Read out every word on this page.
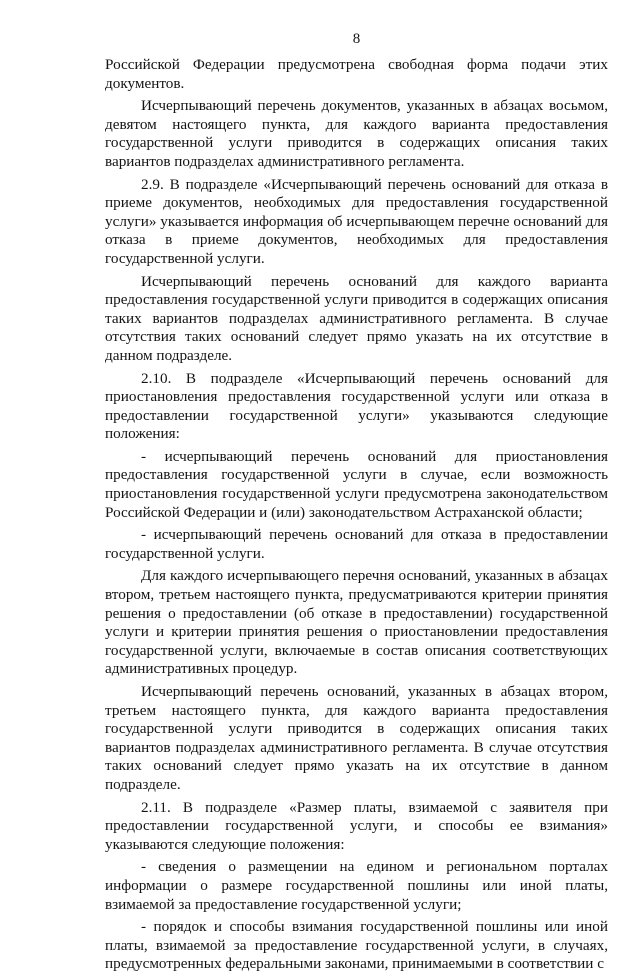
8

Российской Федерации предусмотрена свободная форма подачи этих документов.

Исчерпывающий перечень документов, указанных в абзацах восьмом, девятом настоящего пункта, для каждого варианта предоставления государственной услуги приводится в содержащих описания таких вариантов подразделах административного регламента.

2.9. В подразделе «Исчерпывающий перечень оснований для отказа в приеме документов, необходимых для предоставления государственной услуги» указывается информация об исчерпывающем перечне оснований для отказа в приеме документов, необходимых для предоставления государственной услуги.

Исчерпывающий перечень оснований для каждого варианта предоставления государственной услуги приводится в содержащих описания таких вариантов подразделах административного регламента. В случае отсутствия таких оснований следует прямо указать на их отсутствие в данном подразделе.

2.10. В подразделе «Исчерпывающий перечень оснований для приостановления предоставления государственной услуги или отказа в предоставлении государственной услуги» указываются следующие положения:

- исчерпывающий перечень оснований для приостановления предоставления государственной услуги в случае, если возможность приостановления государственной услуги предусмотрена законодательством Российской Федерации и (или) законодательством Астраханской области;

- исчерпывающий перечень оснований для отказа в предоставлении государственной услуги.

Для каждого исчерпывающего перечня оснований, указанных в абзацах втором, третьем настоящего пункта, предусматриваются критерии принятия решения о предоставлении (об отказе в предоставлении) государственной услуги и критерии принятия решения о приостановлении предоставления государственной услуги, включаемые в состав описания соответствующих административных процедур.

Исчерпывающий перечень оснований, указанных в абзацах втором, третьем настоящего пункта, для каждого варианта предоставления государственной услуги приводится в содержащих описания таких вариантов подразделах административного регламента. В случае отсутствия таких оснований следует прямо указать на их отсутствие в данном подразделе.

2.11. В подразделе «Размер платы, взимаемой с заявителя при предоставлении государственной услуги, и способы ее взимания» указываются следующие положения:

- сведения о размещении на едином и региональном порталах информации о размере государственной пошлины или иной платы, взимаемой за предоставление государственной услуги;

- порядок и способы взимания государственной пошлины или иной платы, взимаемой за предоставление государственной услуги, в случаях, предусмотренных федеральными законами, принимаемыми в соответствии с
